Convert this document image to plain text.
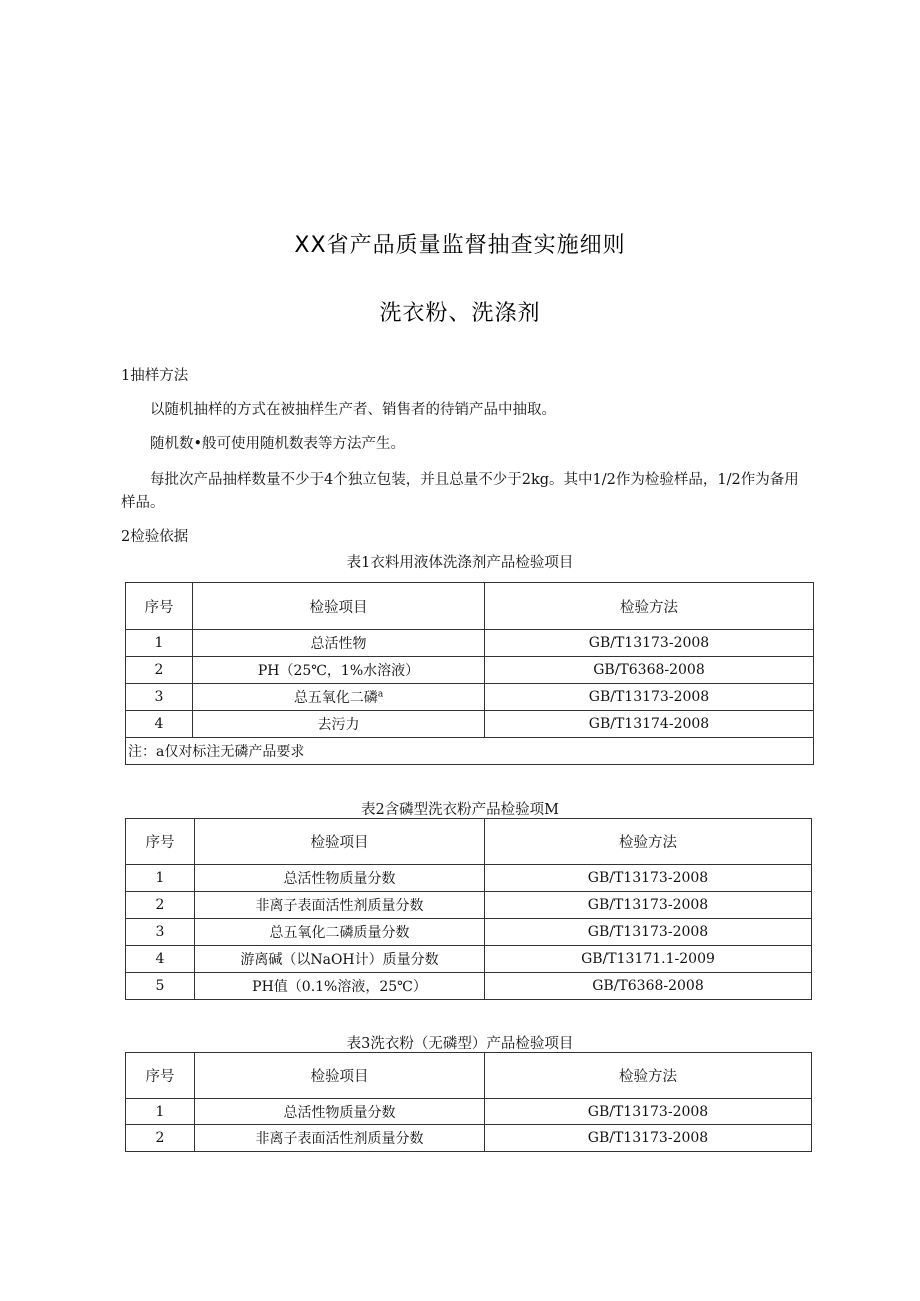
XX省产品质量监督抽查实施细则
洗衣粉、洗涤剂
1抽样方法
以随机抽样的方式在被抽样生产者、销售者的待销产品中抽取。
随机数•般可使用随机数表等方法产生。
每批次产品抽样数量不少于4个独立包装，并且总量不少于2kg。其中1/2作为检验样品，1/2作为备用样品。
2检验依据
表1衣料用液体洗涤剂产品检验项目
序号	检验项目	检验方法
1	总活性物	GB/T13173-2008
2	PH（25℃，1%水溶液）	GB/T6368-2008
3	总五氧化二磷$^a$	GB/T13173-2008
4	去污力	GB/T13174-2008
注：a仅对标注无磷产品要求		
表2含磷型洗衣粉产品检验项M
序号	检验项目	检验方法
1	总活性物质量分数	GB/T13173-2008
2	非离子表面活性剂质量分数	GB/T13173-2008
3	总五氧化二磷质量分数	GB/T13173-2008
4	游离碱（以NaOH计）质量分数	GB/T13171.1-2009
5	PH值（0.1%溶液，25℃）	GB/T6368-2008
表3洗衣粉（无磷型）产品检验项目
序号	检验项目	检验方法
1	总活性物质量分数	GB/T13173-2008
2	非离子表面活性剂质量分数	GB/T13173-2008
